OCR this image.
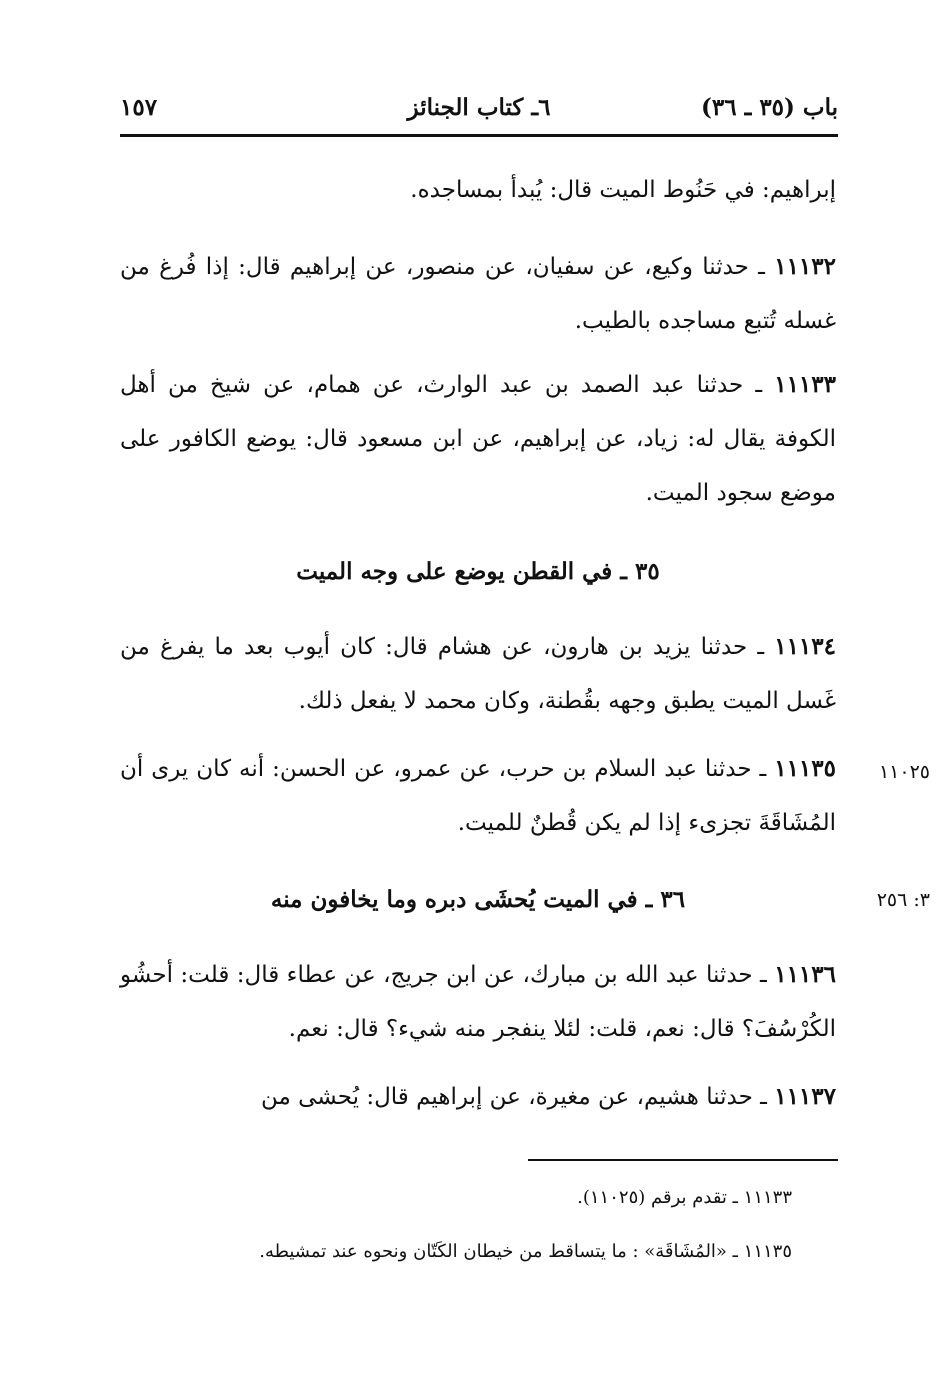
باب (٣٥ ـ ٣٦)
٦ـ كتاب الجنائز
١٥٧
إبراهيم: في حَنُوط الميت قال: يُبدأ بمساجده.
١١١٣٢ ـ حدثنا وكيع، عن سفيان، عن منصور، عن إبراهيم قال: إذا فُرغ من غسله تُتبع مساجده بالطيب.
١١١٣٣ ـ حدثنا عبد الصمد بن عبد الوارث، عن همام، عن شيخ من أهل الكوفة يقال له: زياد، عن إبراهيم، عن ابن مسعود قال: يوضع الكافور على موضع سجود الميت.
٣٥ ـ في القطن يوضع على وجه الميت
١١١٣٤ ـ حدثنا يزيد بن هارون، عن هشام قال: كان أيوب بعد ما يفرغ من غَسل الميت يطبق وجهه بقُطنة، وكان محمد لا يفعل ذلك.
١١١٣٥ ـ حدثنا عبد السلام بن حرب، عن عمرو، عن الحسن: أنه كان يرى أن المُشَاقَةَ تجزىء إذا لم يكن قُطنٌ للميت.
١١٠٢٥
٣٦ ـ في الميت يُحشَى دبره وما يخافون منه	٣: ٢٥٦
١١١٣٦ ـ حدثنا عبد الله بن مبارك، عن ابن جريج، عن عطاء قال: قلت: أحشُو الكُرْسُفَ؟ قال: نعم، قلت: لئلا ينفجر منه شيء؟ قال: نعم.
١١١٣٧ ـ حدثنا هشيم، عن مغيرة، عن إبراهيم قال: يُحشى من
١١١٣٣ ـ تقدم برقم (١١٠٢٥).
١١١٣٥ ـ «المُشَاقَة» : ما يتساقط من خيطان الكَتّان ونحوه عند تمشيطه.
